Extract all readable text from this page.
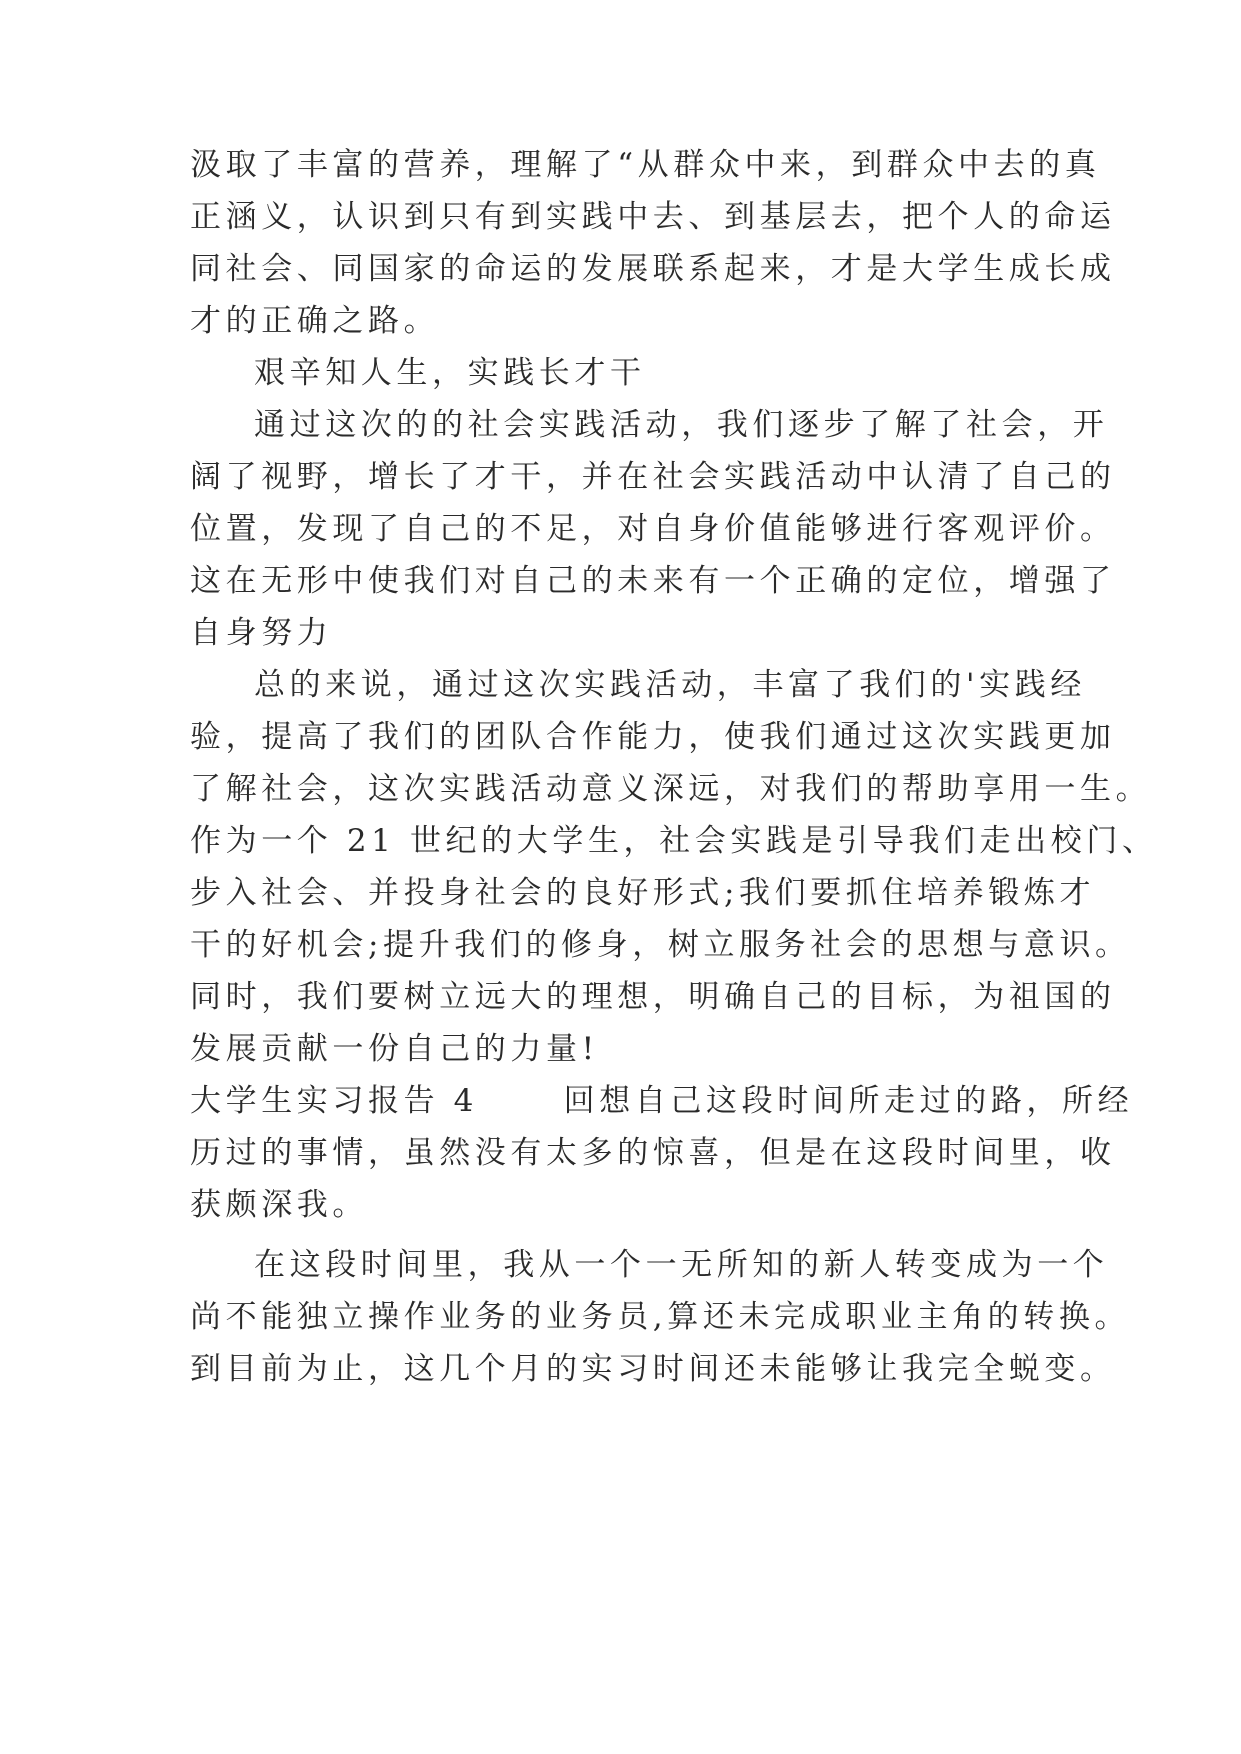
汲取了丰富的营养，理解了“从群众中来，到群众中去的真
正涵义，认识到只有到实践中去、到基层去，把个人的命运
同社会、同国家的命运的发展联系起来，才是大学生成长成
才的正确之路。
艰辛知人生，实践长才干
通过这次的的社会实践活动，我们逐步了解了社会，开
阔了视野，增长了才干，并在社会实践活动中认清了自己的
位置，发现了自己的不足，对自身价值能够进行客观评价。
这在无形中使我们对自己的未来有一个正确的定位，增强了
自身努力
总的来说，通过这次实践活动，丰富了我们的'实践经
验，提高了我们的团队合作能力，使我们通过这次实践更加
了解社会，这次实践活动意义深远，对我们的帮助享用一生。
作为一个 21 世纪的大学生，社会实践是引导我们走出校门、
步入社会、并投身社会的良好形式;我们要抓住培养锻炼才
干的好机会;提升我们的修身，树立服务社会的思想与意识。
同时，我们要树立远大的理想，明确自己的目标，为祖国的
发展贡献一份自己的力量!
大学生实习报告 4　　 回想自己这段时间所走过的路，所经
历过的事情，虽然没有太多的惊喜，但是在这段时间里，收
获颇深我。
在这段时间里，我从一个一无所知的新人转变成为一个
尚不能独立操作业务的业务员,算还未完成职业主角的转换。
到目前为止，这几个月的实习时间还未能够让我完全蜕变。
